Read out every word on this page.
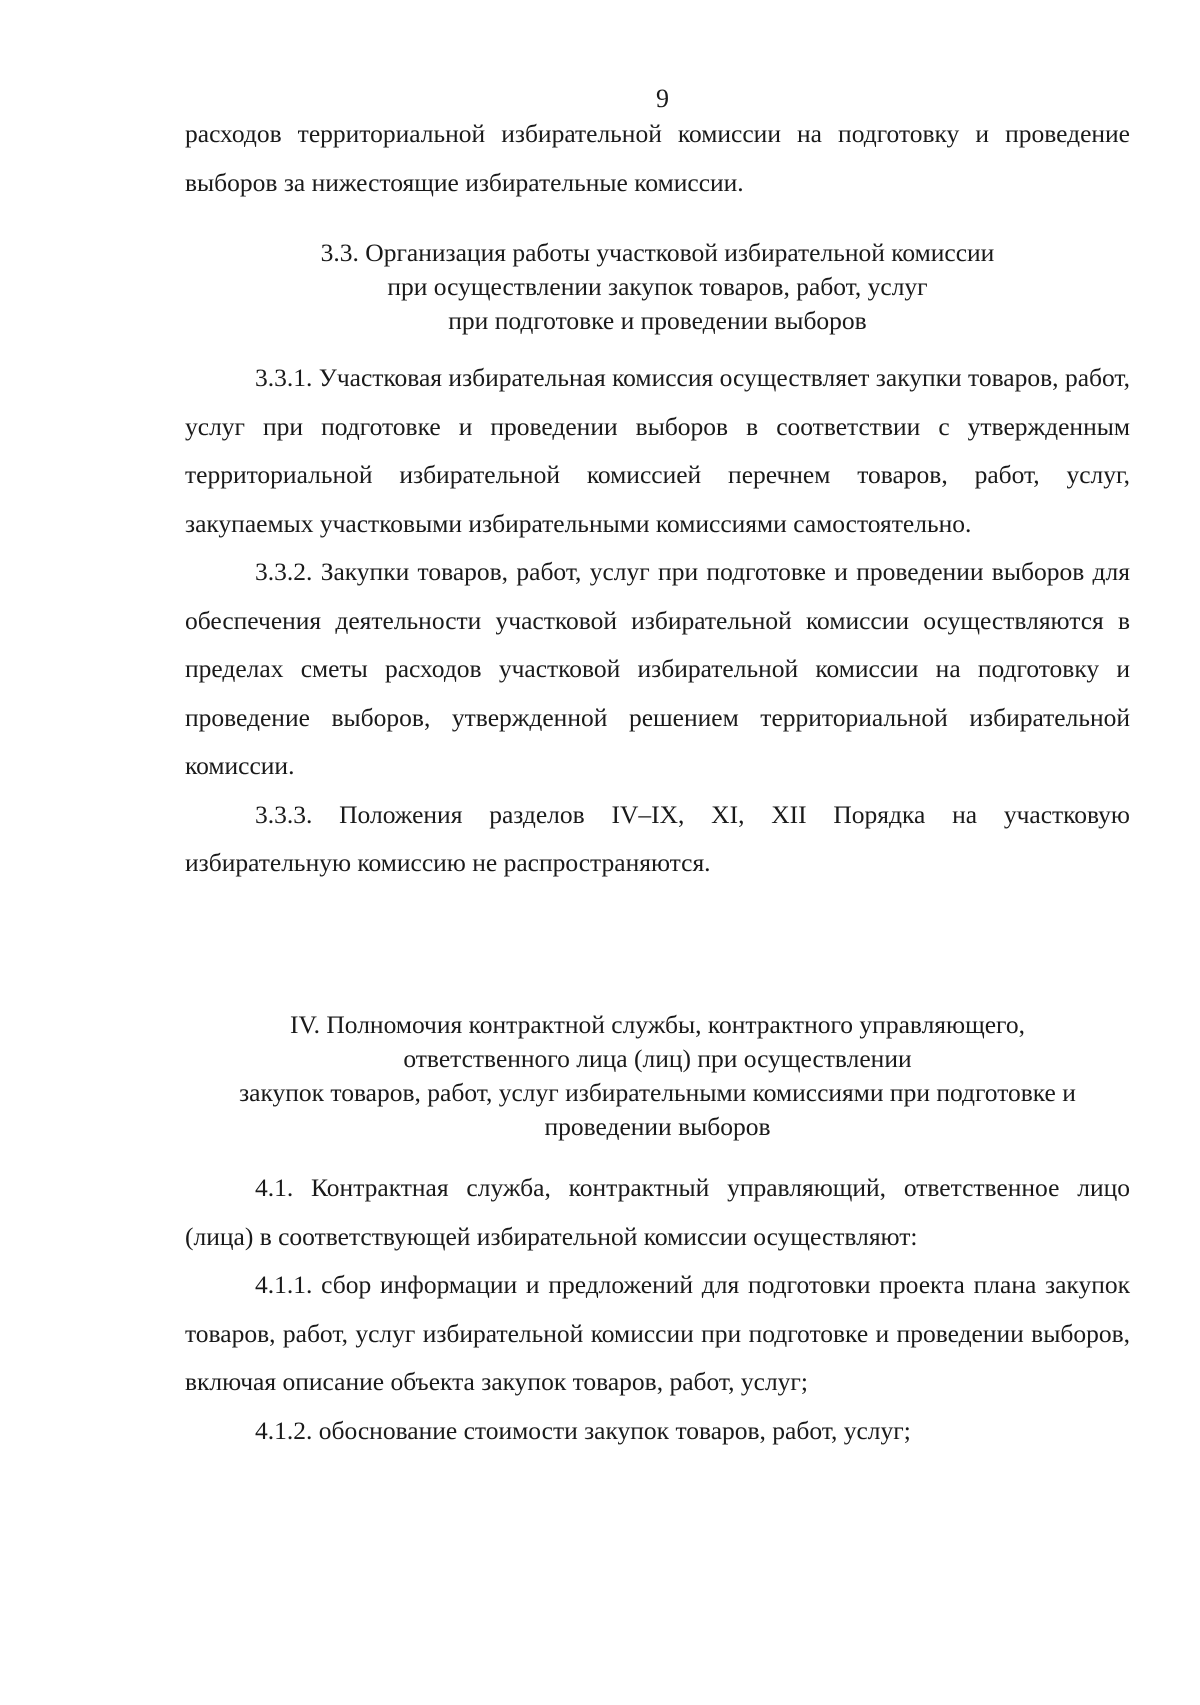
9

расходов территориальной избирательной комиссии на подготовку и проведение выборов за нижестоящие избирательные комиссии.

3.3. Организация работы участковой избирательной комиссии
при осуществлении закупок товаров, работ, услуг
при подготовке и проведении выборов

3.3.1. Участковая избирательная комиссия осуществляет закупки товаров, работ, услуг при подготовке и проведении выборов в соответствии с утвержденным территориальной избирательной комиссией перечнем товаров, работ, услуг, закупаемых участковыми избирательными комиссиями самостоятельно.

3.3.2. Закупки товаров, работ, услуг при подготовке и проведении выборов для обеспечения деятельности участковой избирательной комиссии осуществляются в пределах сметы расходов участковой избирательной комиссии на подготовку и проведение выборов, утвержденной решением территориальной избирательной комиссии.

3.3.3. Положения разделов IV–IX, XI, XII Порядка на участковую избирательную комиссию не распространяются.

IV. Полномочия контрактной службы, контрактного управляющего,
ответственного лица (лиц) при осуществлении
закупок товаров, работ, услуг избирательными комиссиями при подготовке и
проведении выборов

4.1. Контрактная служба, контрактный управляющий, ответственное лицо (лица) в соответствующей избирательной комиссии осуществляют:

4.1.1. сбор информации и предложений для подготовки проекта плана закупок товаров, работ, услуг избирательной комиссии при подготовке и проведении выборов, включая описание объекта закупок товаров, работ, услуг;

4.1.2. обоснование стоимости закупок товаров, работ, услуг;
